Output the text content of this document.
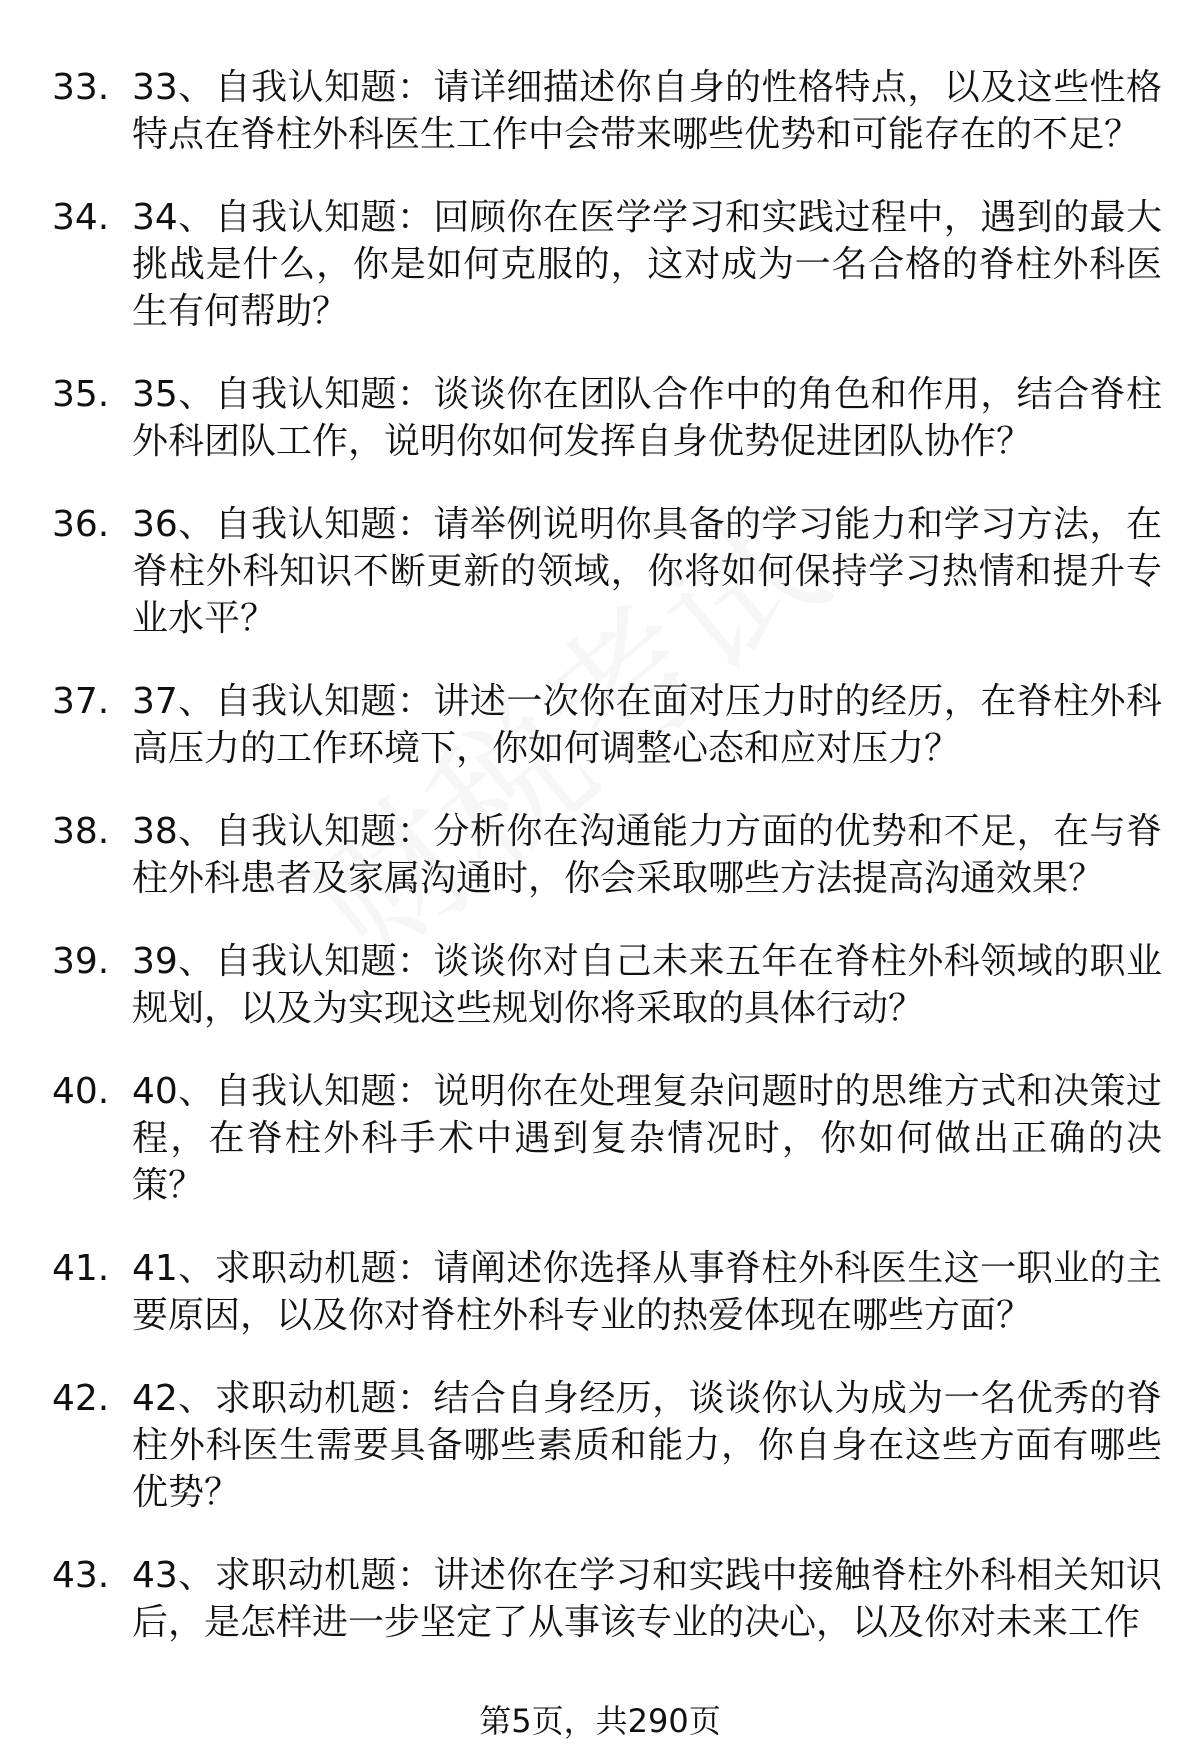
33. 33、自我认知题：请详细描述你自身的性格特点，以及这些性格特点在脊柱外科医生工作中会带来哪些优势和可能存在的不足？
34. 34、自我认知题：回顾你在医学学习和实践过程中，遇到的最大挑战是什么，你是如何克服的，这对成为一名合格的脊柱外科医生有何帮助？
35. 35、自我认知题：谈谈你在团队合作中的角色和作用，结合脊柱外科团队工作，说明你如何发挥自身优势促进团队协作？
36. 36、自我认知题：请举例说明你具备的学习能力和学习方法，在脊柱外科知识不断更新的领域，你将如何保持学习热情和提升专业水平？
37. 37、自我认知题：讲述一次你在面对压力时的经历，在脊柱外科高压力的工作环境下，你如何调整心态和应对压力？
38. 38、自我认知题：分析你在沟通能力方面的优势和不足，在与脊柱外科患者及家属沟通时，你会采取哪些方法提高沟通效果？
39. 39、自我认知题：谈谈你对自己未来五年在脊柱外科领域的职业规划，以及为实现这些规划你将采取的具体行动？
40. 40、自我认知题：说明你在处理复杂问题时的思维方式和决策过程，在脊柱外科手术中遇到复杂情况时，你如何做出正确的决策？
41. 41、求职动机题：请阐述你选择从事脊柱外科医生这一职业的主要原因，以及你对脊柱外科专业的热爱体现在哪些方面？
42. 42、求职动机题：结合自身经历，谈谈你认为成为一名优秀的脊柱外科医生需要具备哪些素质和能力，你自身在这些方面有哪些优势？
43. 43、求职动机题：讲述你在学习和实践中接触脊柱外科相关知识后，是怎样进一步坚定了从事该专业的决心，以及你对未来工作
第5页，共290页
